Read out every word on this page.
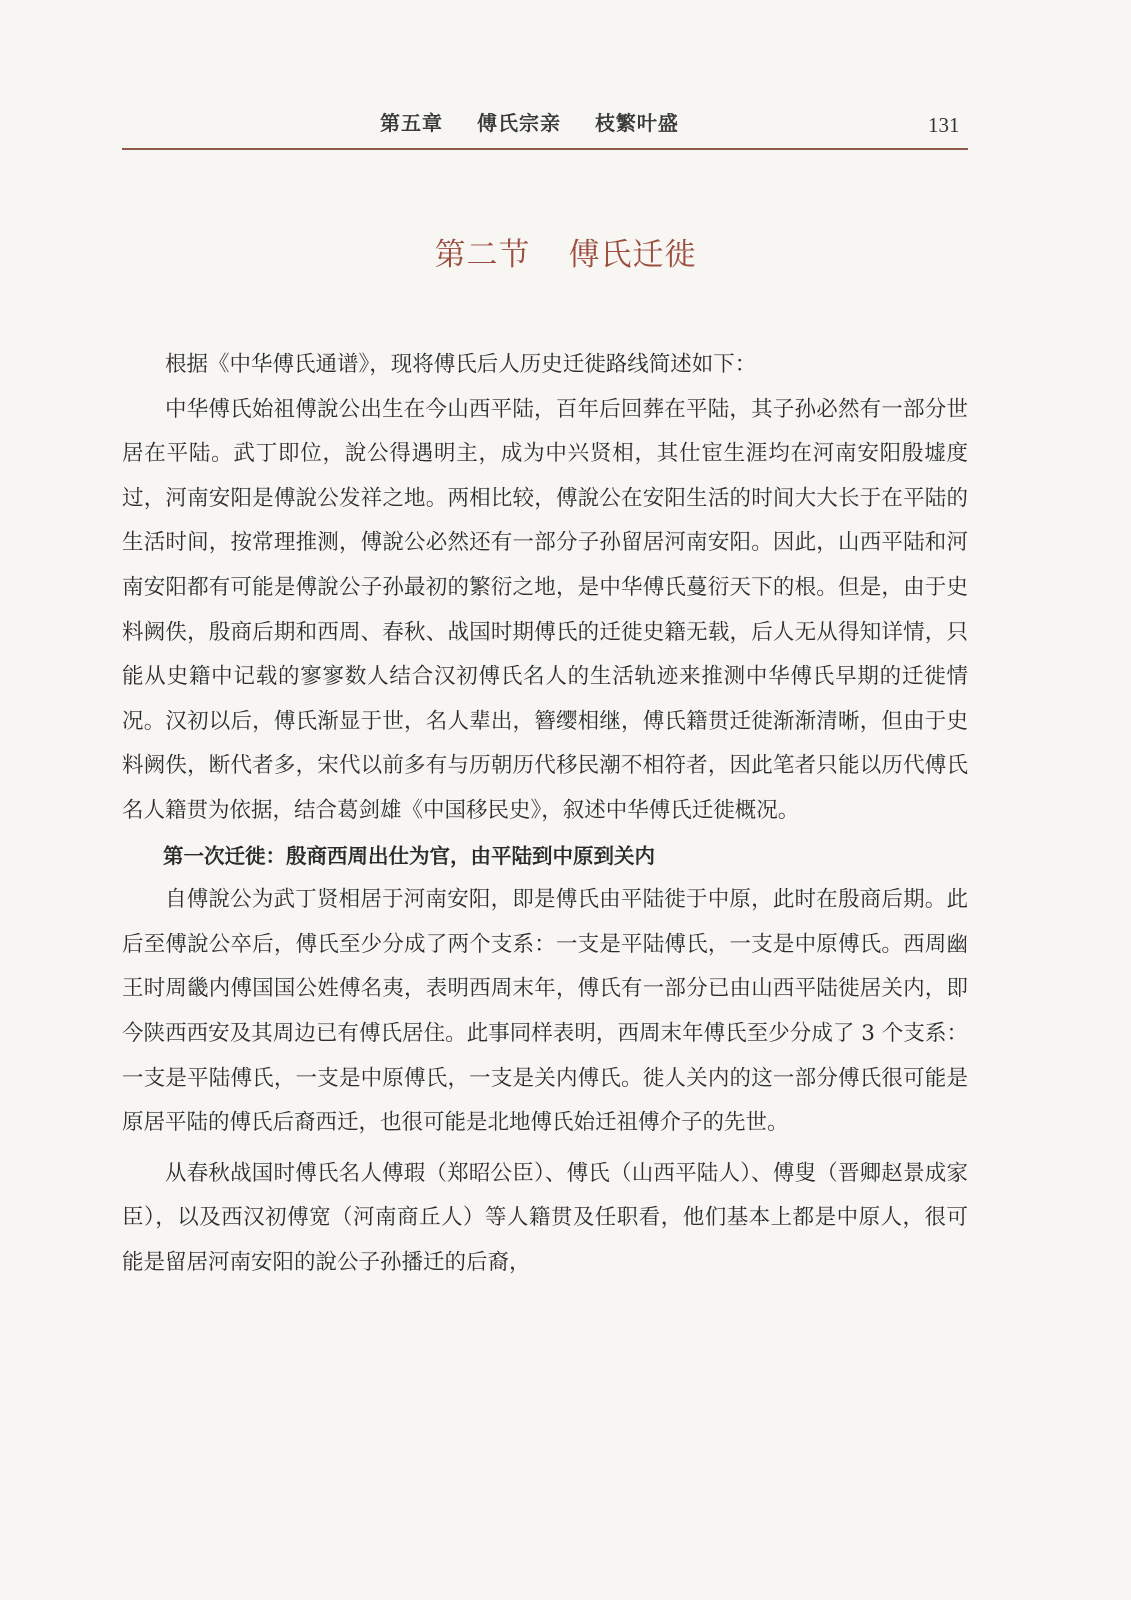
第五章 傅氏宗亲 枝繁叶盛	131
第二节 傅氏迁徙

根据《中华傅氏通谱》，现将傅氏后人历史迁徙路线简述如下：

中华傅氏始祖傅說公出生在今山西平陆，百年后回葬在平陆，其子孙必然有一部分世居在平陆。武丁即位，說公得遇明主，成为中兴贤相，其仕宦生涯均在河南安阳殷墟度过，河南安阳是傅說公发祥之地。两相比较，傅說公在安阳生活的时间大大长于在平陆的生活时间，按常理推测，傅說公必然还有一部分子孙留居河南安阳。因此，山西平陆和河南安阳都有可能是傅說公子孙最初的繁衍之地，是中华傅氏蔓衍天下的根。但是，由于史料阙佚，殷商后期和西周、春秋、战国时期傅氏的迁徙史籍无载，后人无从得知详情，只能从史籍中记载的寥寥数人结合汉初傅氏名人的生活轨迹来推测中华傅氏早期的迁徙情况。汉初以后，傅氏渐显于世，名人辈出，簪缨相继，傅氏籍贯迁徙渐渐清晰，但由于史料阙佚，断代者多，宋代以前多有与历朝历代移民潮不相符者，因此笔者只能以历代傅氏名人籍贯为依据，结合葛剑雄《中国移民史》，叙述中华傅氏迁徙概况。

第一次迁徙：殷商西周出仕为官，由平陆到中原到关内

自傅說公为武丁贤相居于河南安阳，即是傅氏由平陆徙于中原，此时在殷商后期。此后至傅說公卒后，傅氏至少分成了两个支系：一支是平陆傅氏，一支是中原傅氏。西周幽王时周畿内傅国国公姓傅名夷，表明西周末年，傅氏有一部分已由山西平陆徙居关内，即今陕西西安及其周边已有傅氏居住。此事同样表明，西周末年傅氏至少分成了 3 个支系：一支是平陆傅氏，一支是中原傅氏，一支是关内傅氏。徙人关内的这一部分傅氏很可能是原居平陆的傅氏后裔西迁，也很可能是北地傅氏始迁祖傅介子的先世。

从春秋战国时傅氏名人傅瑕（郑昭公臣）、傅氏（山西平陆人）、傅叟（晋卿赵景成家臣），以及西汉初傅宽（河南商丘人）等人籍贯及任职看，他们基本上都是中原人，很可能是留居河南安阳的說公子孙播迁的后裔，
